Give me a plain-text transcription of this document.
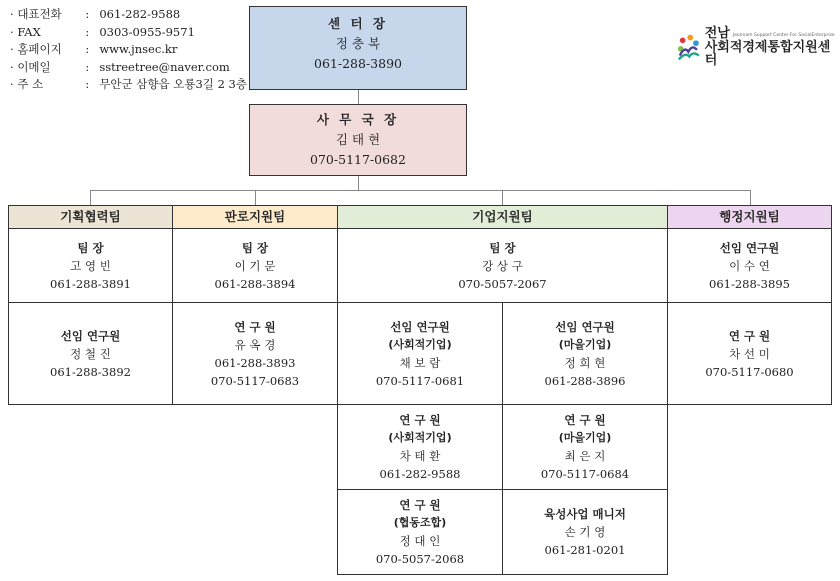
· 대표전화	: 061-282-9588
· FAX	: 0303-0955-9571
· 홈페이지	: www.jnsec.kr
· 이메일	: sstreetree@naver.com
· 주 소	: 무안군 삼향읍 오룡3길 2 3층
전남 Jeonnam Support Center For SocialEnterprise
사회적경제통합지원센터
센 터 장
정 충 복
061-288-3890
사 무 국 장
김 태 현
070-5117-0682
기획협력팀	판로지원팀	기업지원팀	행정지원팀
팀 장
고 영 빈
061-288-3891
선임 연구원
정 철 진
061-288-3892
팀 장
이 기 문
061-288-3894
연 구 원
유 옥 경
061-288-3893
070-5117-0683
팀 장
강 상 구
070-5057-2067
선임 연구원
(사회적기업)
채 보 람
070-5117-0681
선임 연구원
(마을기업)
정 희 현
061-288-3896
연 구 원
(사회적기업)
차 태 환
061-282-9588
연 구 원
(마을기업)
최 은 지
070-5117-0684
연 구 원
(협동조합)
정 대 인
070-5057-2068
육성사업 매니저
손 기 영
061-281-0201
선임 연구원
이 수 연
061-288-3895
연 구 원
차 선 미
070-5117-0680
